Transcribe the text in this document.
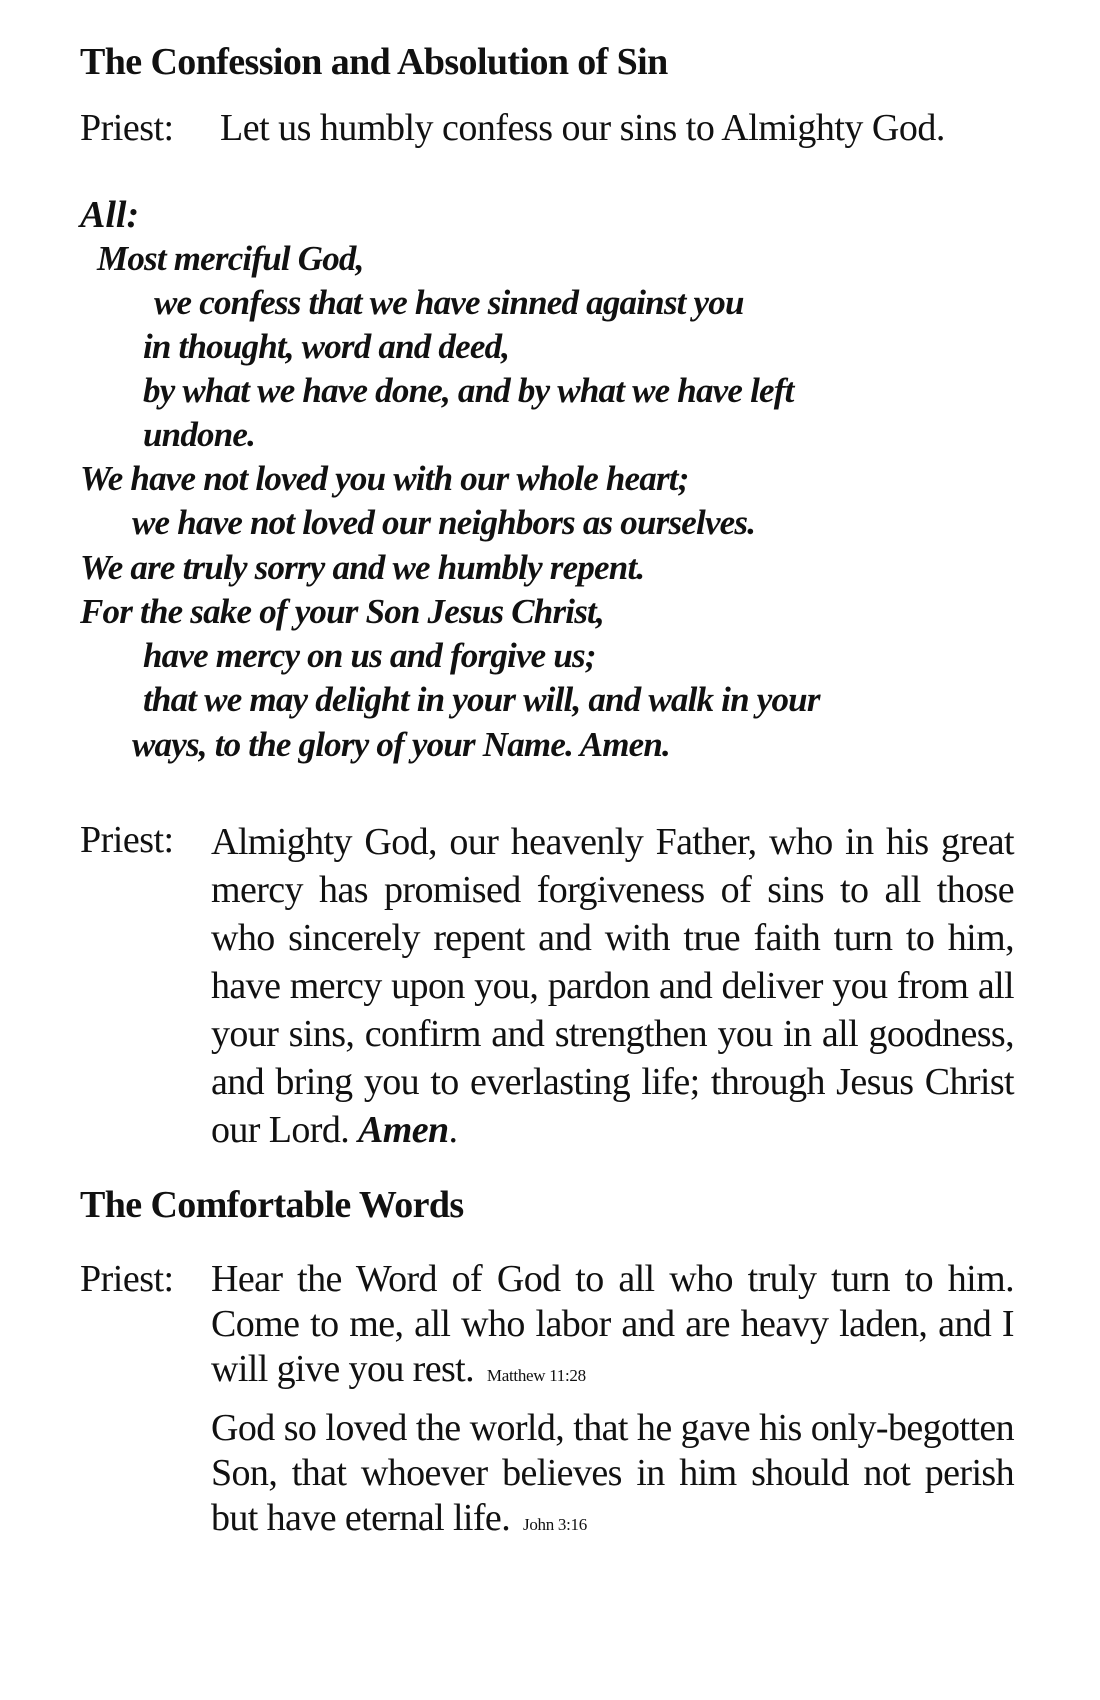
The Confession and Absolution of Sin
Priest: Let us humbly confess our sins to Almighty God.
All:
Most merciful God,
we confess that we have sinned against you
in thought, word and deed,
by what we have done, and by what we have left
undone.
We have not loved you with our whole heart;
we have not loved our neighbors as ourselves.
We are truly sorry and we humbly repent.
For the sake of your Son Jesus Christ,
have mercy on us and forgive us;
that we may delight in your will, and walk in your
ways, to the glory of your Name. Amen.
Priest: Almighty God, our heavenly Father, who in his great mercy has promised forgiveness of sins to all those who sincerely repent and with true faith turn to him, have mercy upon you, pardon and deliver you from all your sins, confirm and strengthen you in all goodness, and bring you to everlasting life; through Jesus Christ our Lord. Amen.
The Comfortable Words
Priest: Hear the Word of God to all who truly turn to him. Come to me, all who labor and are heavy laden, and I will give you rest. Matthew 11:28
God so loved the world, that he gave his only-begotten Son, that whoever believes in him should not perish but have eternal life. John 3:16
